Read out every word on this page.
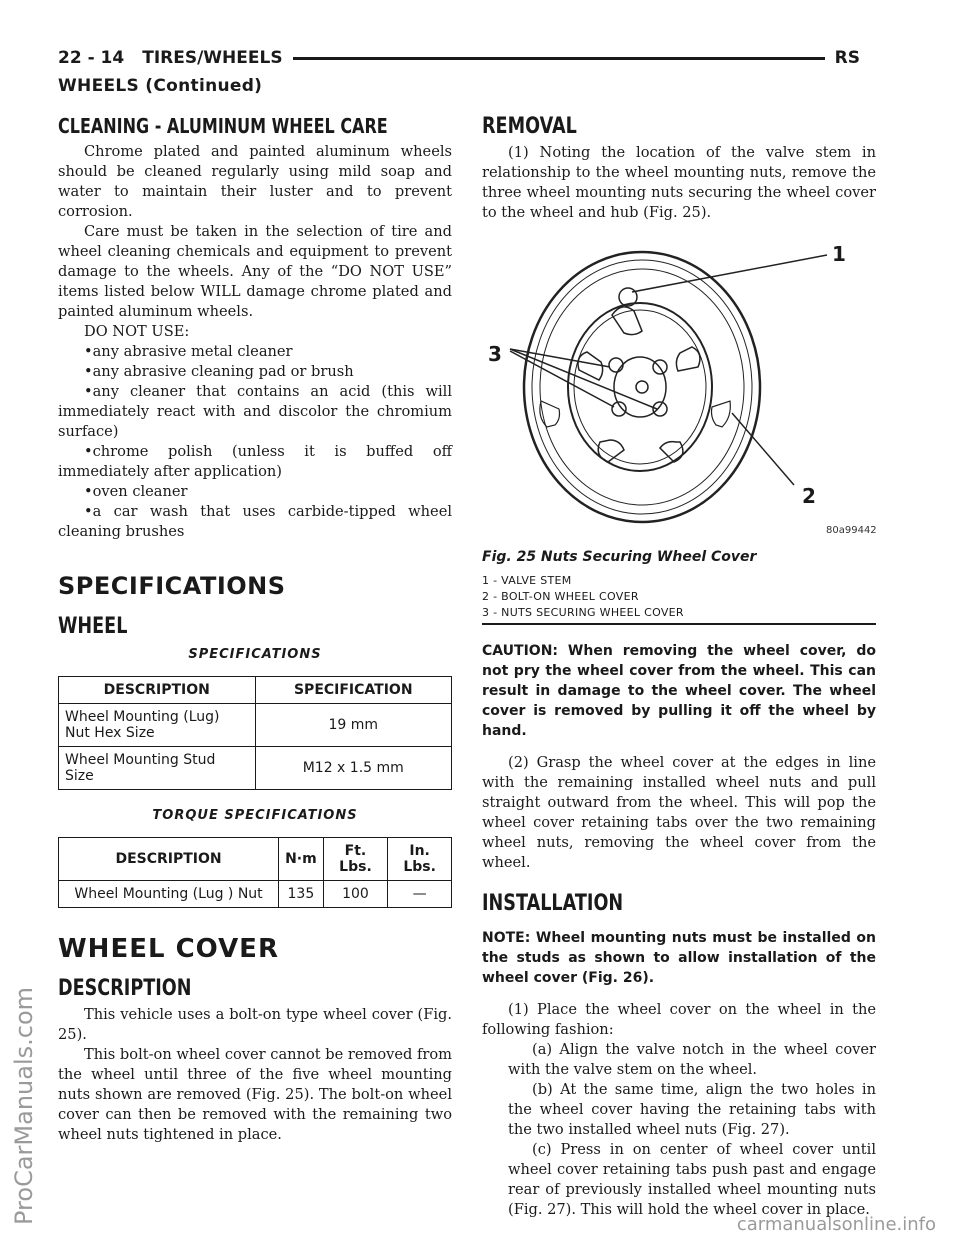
ProCarManuals.com	carmanualsonline.info
22 - 14 TIRES/WHEELS	RS
WHEELS (Continued)
CLEANING - ALUMINUM WHEEL CARE

Chrome plated and painted aluminum wheels should be cleaned regularly using mild soap and water to maintain their luster and to prevent corrosion.

Care must be taken in the selection of tire and wheel cleaning chemicals and equipment to prevent damage to the wheels. Any of the “DO NOT USE” items listed below WILL damage chrome plated and painted aluminum wheels.

DO NOT USE:

•any abrasive metal cleaner
•any abrasive cleaning pad or brush
•any cleaner that contains an acid (this will immediately react with and discolor the chromium surface)
•chrome polish (unless it is buffed off immediately after application)
•oven cleaner
•a car wash that uses carbide-tipped wheel cleaning brushes
SPECIFICATIONS
WHEEL
SPECIFICATIONS
DESCRIPTION	SPECIFICATION
Wheel Mounting (Lug) Nut Hex Size	19 mm
Wheel Mounting Stud Size	M12 x 1.5 mm
TORQUE SPECIFICATIONS
DESCRIPTION	N·m	Ft. Lbs.	In. Lbs.
Wheel Mounting (Lug ) Nut	135	100	—
WHEEL COVER
DESCRIPTION

This vehicle uses a bolt-on type wheel cover (Fig. 25).

This bolt-on wheel cover cannot be removed from the wheel until three of the five wheel mounting nuts shown are removed (Fig. 25). The bolt-on wheel cover can then be removed with the remaining two wheel nuts tightened in place.

REMOVAL

(1) Noting the location of the valve stem in relationship to the wheel mounting nuts, remove the three wheel mounting nuts securing the wheel cover to the wheel and hub (Fig. 25).

1
2
3
80a99442
Fig. 25 Nuts Securing Wheel Cover
1 - VALVE STEM
2 - BOLT-ON WHEEL COVER
3 - NUTS SECURING WHEEL COVER
CAUTION: When removing the wheel cover, do not pry the wheel cover from the wheel. This can result in damage to the wheel cover. The wheel cover is removed by pulling it off the wheel by hand.

(2) Grasp the wheel cover at the edges in line with the remaining installed wheel nuts and pull straight outward from the wheel. This will pop the wheel cover retaining tabs over the two remaining wheel nuts, removing the wheel cover from the wheel.

INSTALLATION
NOTE: Wheel mounting nuts must be installed on the studs as shown to allow installation of the wheel cover (Fig. 26).

(1) Place the wheel cover on the wheel in the following fashion:

(a) Align the valve notch in the wheel cover with the valve stem on the wheel.

(b) At the same time, align the two holes in the wheel cover having the retaining tabs with the two installed wheel nuts (Fig. 27).

(c) Press in on center of wheel cover until wheel cover retaining tabs push past and engage rear of previously installed wheel mounting nuts (Fig. 27). This will hold the wheel cover in place.
